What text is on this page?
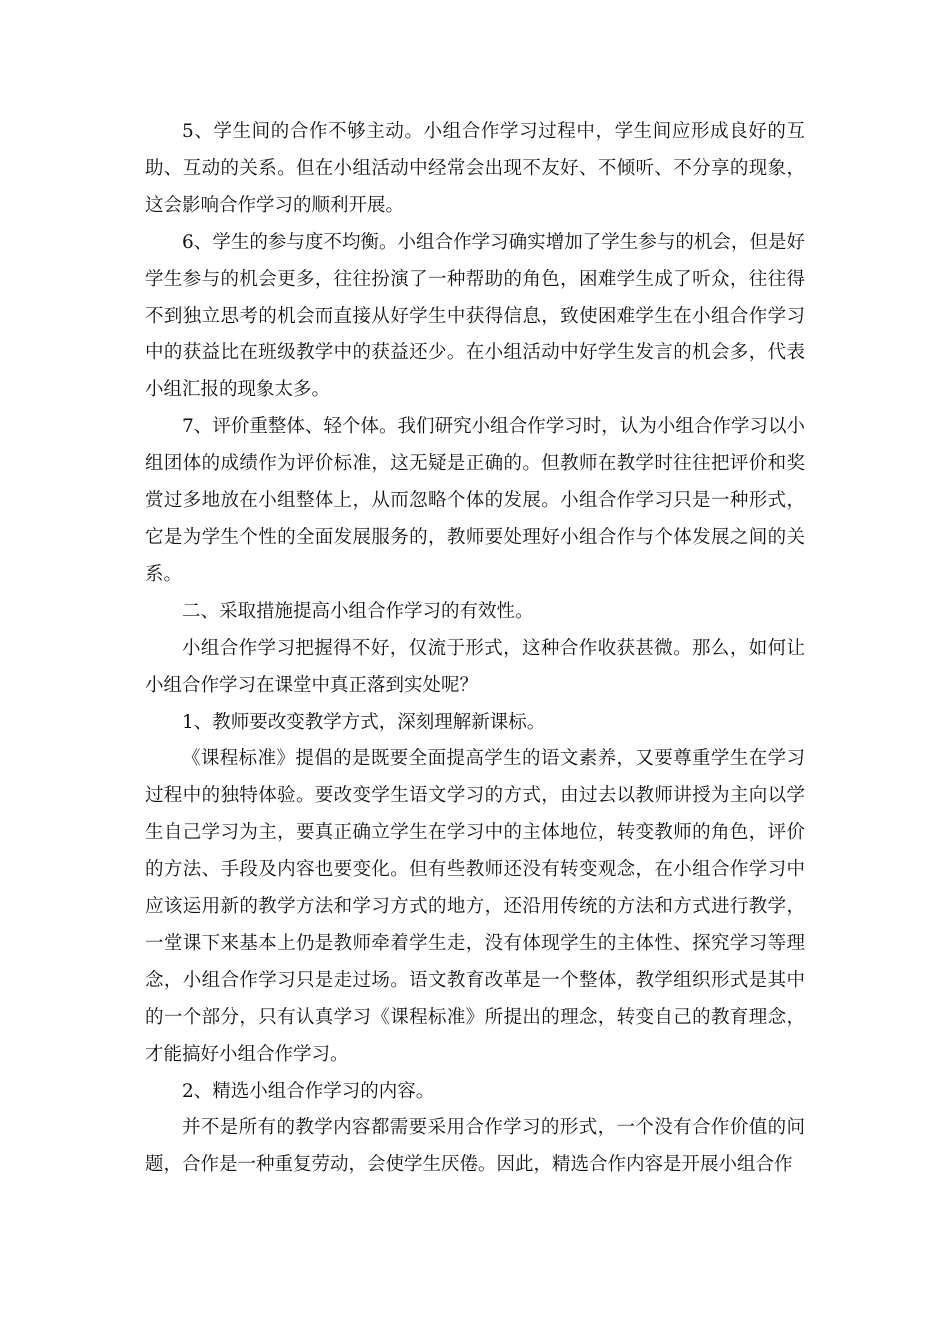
5、学生间的合作不够主动。小组合作学习过程中，学生间应形成良好的互助、互动的关系。但在小组活动中经常会出现不友好、不倾听、不分享的现象，这会影响合作学习的顺利开展。

6、学生的参与度不均衡。小组合作学习确实增加了学生参与的机会，但是好学生参与的机会更多，往往扮演了一种帮助的角色，困难学生成了听众，往往得不到独立思考的机会而直接从好学生中获得信息，致使困难学生在小组合作学习中的获益比在班级教学中的获益还少。在小组活动中好学生发言的机会多，代表小组汇报的现象太多。

7、评价重整体、轻个体。我们研究小组合作学习时，认为小组合作学习以小组团体的成绩作为评价标准，这无疑是正确的。但教师在教学时往往把评价和奖赏过多地放在小组整体上，从而忽略个体的发展。小组合作学习只是一种形式，它是为学生个性的全面发展服务的，教师要处理好小组合作与个体发展之间的关系。

二、采取措施提高小组合作学习的有效性。

小组合作学习把握得不好，仅流于形式，这种合作收获甚微。那么，如何让小组合作学习在课堂中真正落到实处呢？

1、教师要改变教学方式，深刻理解新课标。

《课程标准》提倡的是既要全面提高学生的语文素养，又要尊重学生在学习过程中的独特体验。要改变学生语文学习的方式，由过去以教师讲授为主向以学生自己学习为主，要真正确立学生在学习中的主体地位，转变教师的角色，评价的方法、手段及内容也要变化。但有些教师还没有转变观念，在小组合作学习中应该运用新的教学方法和学习方式的地方，还沿用传统的方法和方式进行教学，一堂课下来基本上仍是教师牵着学生走，没有体现学生的主体性、探究学习等理念，小组合作学习只是走过场。语文教育改革是一个整体，教学组织形式是其中的一个部分，只有认真学习《课程标准》所提出的理念，转变自己的教育理念，才能搞好小组合作学习。

2、精选小组合作学习的内容。

并不是所有的教学内容都需要采用合作学习的形式，一个没有合作价值的问题，合作是一种重复劳动，会使学生厌倦。因此，精选合作内容是开展小组合作
